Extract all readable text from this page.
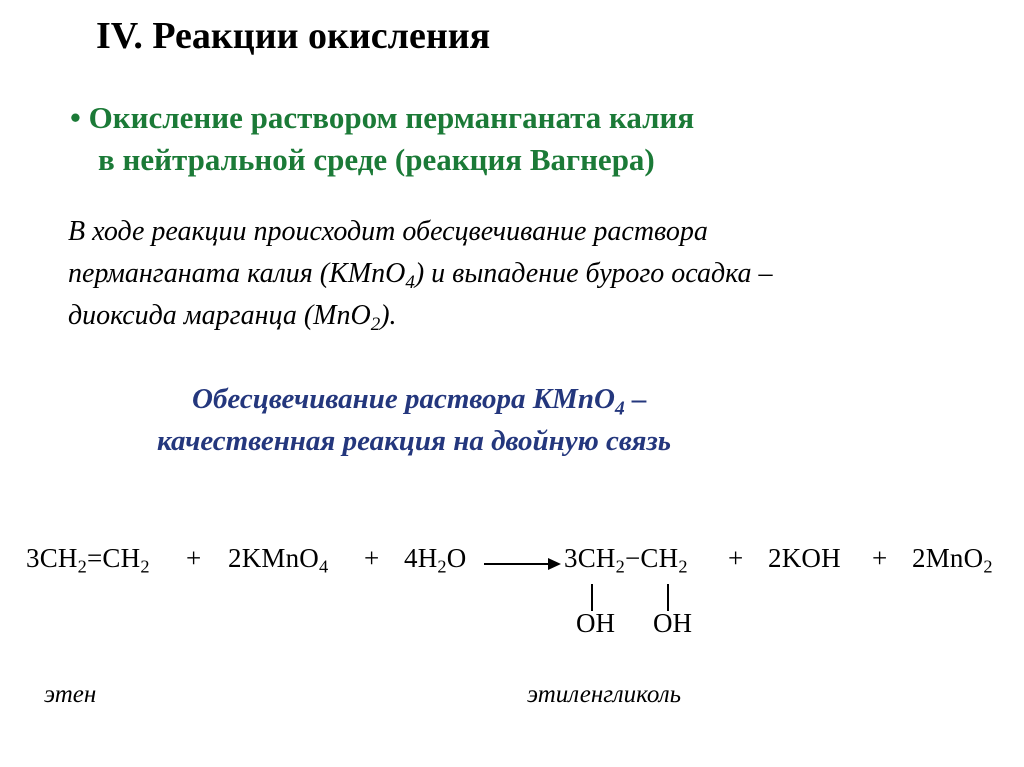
IV. Реакции окисления
• Окисление раствором перманганата калия
в нейтральной среде (реакция Вагнера)
В ходе реакции происходит обесцвечивание раствора
перманганата калия (KMnO$_4$) и выпадение бурого осадка –
диоксида марганца (MnO$_2$).
Обесцвечивание раствора KMnO$_4$ –
качественная реакция на двойную связь
$3CH_2=CH_2$ + 2KMnO$_4$ + $4H_2O$	$3CH_2-CH_2 + 2KOH + 2MnO_2$
OH OH
этен	этиленгликоль
